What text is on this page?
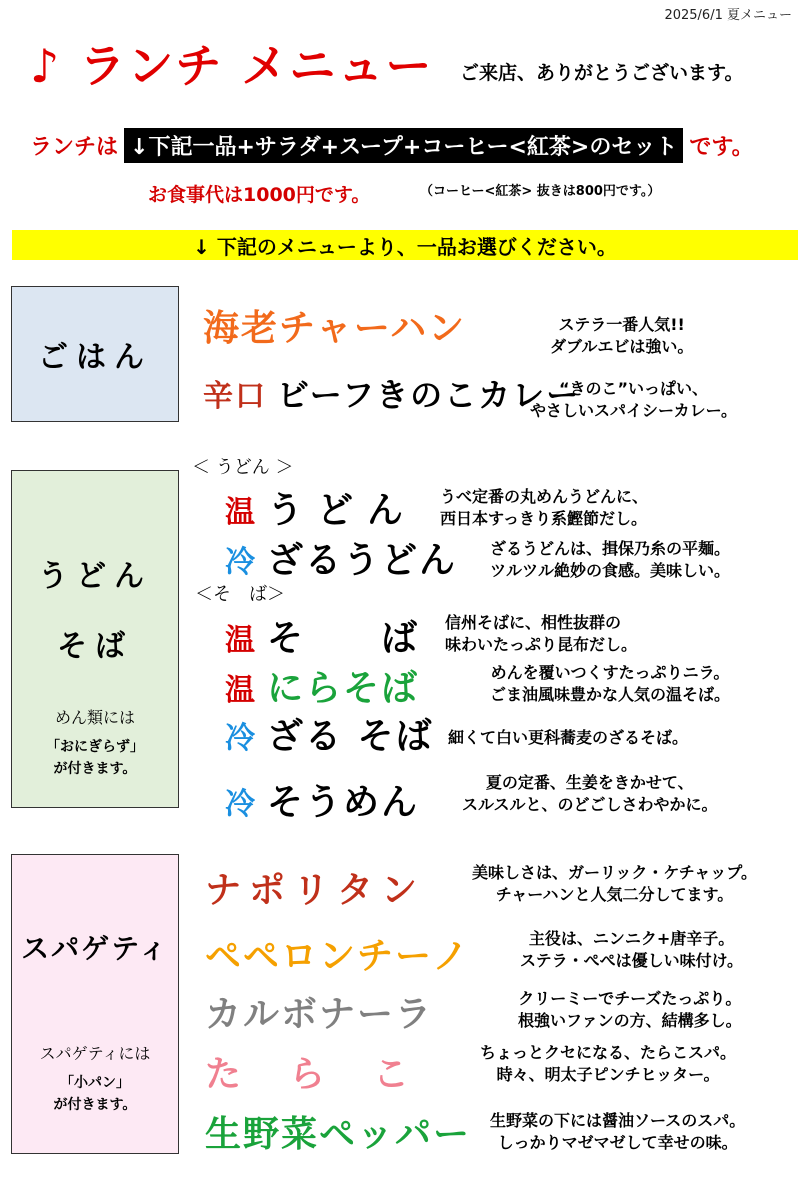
2025/6/1 夏メニュー
♪ ランチ メニュー ご来店、ありがとうございます。
ランチは ↓下記一品+サラダ+スープ+コーヒー<紅茶>のセット です。
お食事代は1000円です。	（コーヒー<紅茶> 抜きは800円です。）
↓ 下記のメニューより、一品お選びください。
ごはん
海老チャーハン	ステラ一番人気!!
ダブルエビは強い。
辛口 ビーフきのこカレー
“きのこ”いっぱい、
やさしいスパイシーカレー。
うどん
そば
めん類には
「おにぎらず」
が付きます。
＜ うどん ＞
温 うどん うべ定番の丸めんうどんに、
西日本すっきり系鰹節だし。
冷 ざるうどん ざるうどんは、揖保乃糸の平麺。
ツルツル絶妙の食感。美味しい。
＜そ　ば＞
温 そ　　ば 信州そばに、相性抜群の
味わいたっぷり昆布だし。
温 にらそば	めんを覆いつくすたっぷりニラ。
ごま油風味豊かな人気の温そば。
冷 ざる そば 細くて白い更科蕎麦のざるそば。
冷 そうめん	夏の定番、生姜をきかせて、
スルスルと、のどごしさわやかに。
スパゲティ
スパゲティには
「小パン」
が付きます。
ナポリタン	美味しさは、ガーリック・ケチャップ。
チャーハンと人気二分してます。
ペペロンチーノ	主役は、ニンニク+唐辛子。
ステラ・ぺぺは優しい味付け。
カルボナーラ	クリーミーでチーズたっぷり。
根強いファンの方、結構多し。
た　ら　こ
ちょっとクセになる、たらこスパ。
時々、明太子ピンチヒッター。
生野菜ペッパー 生野菜の下には醤油ソースのスパ。
しっかりマゼマゼして幸せの味。
